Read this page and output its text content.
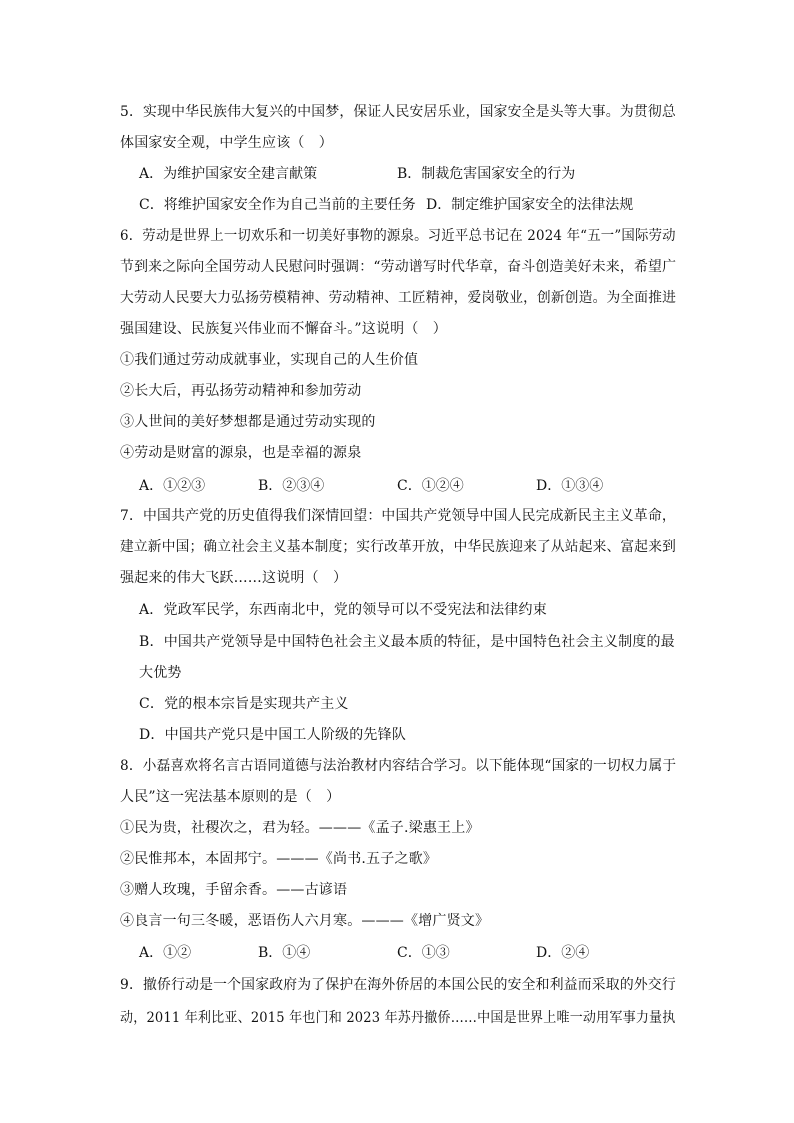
5．实现中华民族伟大复兴的中国梦，保证人民安居乐业，国家安全是头等大事。为贯彻总
体国家安全观，中学生应该（　）
A．为维护国家安全建言献策	B．制裁危害国家安全的行为
C．将维护国家安全作为自己当前的主要任务 D．制定维护国家安全的法律法规
6．劳动是世界上一切欢乐和一切美好事物的源泉。习近平总书记在 2024 年“五一”国际劳动
节到来之际向全国劳动人民慰问时强调：“劳动谱写时代华章，奋斗创造美好未来，希望广
大劳动人民要大力弘扬劳模精神、劳动精神、工匠精神，爱岗敬业，创新创造。为全面推进
强国建设、民族复兴伟业而不懈奋斗。”这说明（　）
①我们通过劳动成就事业，实现自己的人生价值
②长大后，再弘扬劳动精神和参加劳动
③人世间的美好梦想都是通过劳动实现的
④劳动是财富的源泉，也是幸福的源泉
A．①②③	B．②③④	C．①②④	D．①③④
7．中国共产党的历史值得我们深情回望：中国共产党领导中国人民完成新民主主义革命，
建立新中国；确立社会主义基本制度；实行改革开放，中华民族迎来了从站起来、富起来到
强起来的伟大飞跃……这说明（　）
A．党政军民学，东西南北中，党的领导可以不受宪法和法律约束
B．中国共产党领导是中国特色社会主义最本质的特征，是中国特色社会主义制度的最
大优势
C．党的根本宗旨是实现共产主义
D．中国共产党只是中国工人阶级的先锋队
8．小磊喜欢将名言古语同道德与法治教材内容结合学习。以下能体现“国家的一切权力属于
人民”这一宪法基本原则的是（　）
①民为贵，社稷次之，君为轻。———《孟子.梁惠王上》
②民惟邦本，本固邦宁。———《尚书.五子之歌》
③赠人玫瑰，手留余香。——古谚语
④良言一句三冬暖，恶语伤人六月寒。———《增广贤文》
A．①②	B．①④	C．①③	D．②④
9．撤侨行动是一个国家政府为了保护在海外侨居的本国公民的安全和利益而采取的外交行
动，2011 年利比亚、2015 年也门和 2023 年苏丹撤侨……中国是世界上唯一动用军事力量执
